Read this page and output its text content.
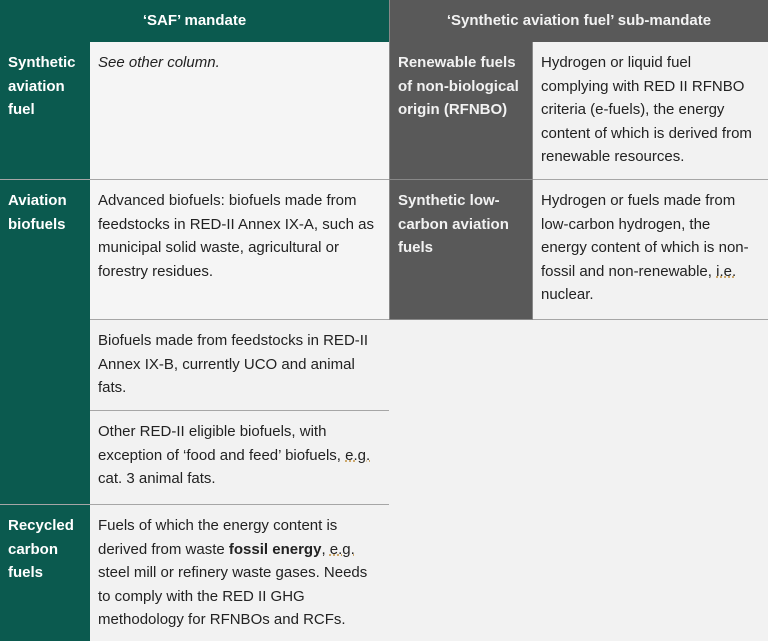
‘SAF’ mandate	‘Synthetic aviation fuel’ sub-mandate
Synthetic aviation fuel
See other column.
Aviation biofuels
Advanced biofuels: biofuels made from feedstocks in RED-II Annex IX-A, such as municipal solid waste, agricultural or forestry residues.
Biofuels made from feedstocks in RED-II Annex IX-B, currently UCO and animal fats.
Other RED-II eligible biofuels, with exception of ‘food and feed’ biofuels, e.g. cat. 3 animal fats.
Recycled carbon fuels
Fuels of which the energy content is derived from waste fossil energy, e.g. steel mill or refinery waste gases. Needs to comply with the RED II GHG methodology for RFNBOs and RCFs.
Renewable fuels of non-biological origin (RFNBO)
Hydrogen or liquid fuel complying with RED II RFNBO criteria (e-fuels), the energy content of which is derived from renewable resources.
Synthetic low-carbon aviation fuels
Hydrogen or fuels made from low-carbon hydrogen, the energy content of which is non-fossil and non-renewable, i.e. nuclear.
